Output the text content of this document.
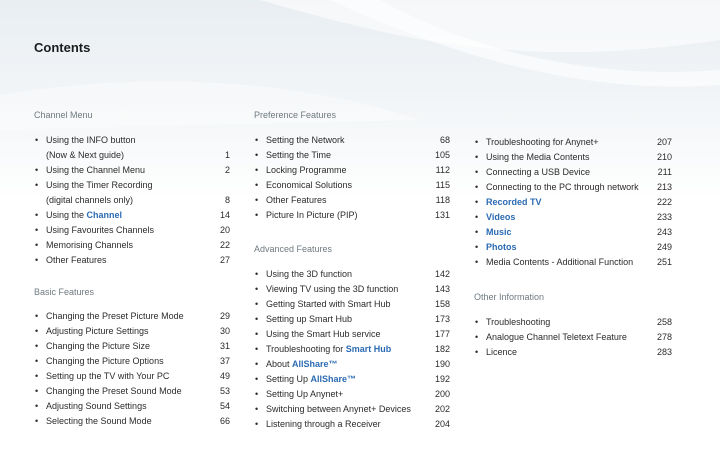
Contents
Channel Menu
• Using the INFO button
(Now & Next guide)	1
• Using the Channel Menu	2
• Using the Timer Recording
(digital channels only)	8
• Using the Channel	14
• Using Favourites Channels	20
• Memorising Channels	22
• Other Features	27
Basic Features
• Changing the Preset Picture Mode	29
• Adjusting Picture Settings	30
• Changing the Picture Size	31
• Changing the Picture Options	37
• Setting up the TV with Your PC	49
• Changing the Preset Sound Mode	53
• Adjusting Sound Settings	54
• Selecting the Sound Mode	66
Preference Features
• Setting the Network	68
• Setting the Time	105
• Locking Programme	112
• Economical Solutions	115
• Other Features	118
• Picture In Picture (PIP)	131
Advanced Features
• Using the 3D function	142
• Viewing TV using the 3D function	143
• Getting Started with Smart Hub	158
• Setting up Smart Hub	173
• Using the Smart Hub service	177
• Troubleshooting for Smart Hub	182
• About AllShare™	190
• Setting Up AllShare™	192
• Setting Up Anynet+	200
• Switching between Anynet+ Devices	202
• Listening through a Receiver	204
• Troubleshooting for Anynet+	207
• Using the Media Contents	210
• Connecting a USB Device	211
• Connecting to the PC through network 213
• Recorded TV	222
• Videos	233
• Music	243
• Photos	249
• Media Contents - Additional Function	251
Other Information
• Troubleshooting	258
• Analogue Channel Teletext Feature	278
• Licence	283
